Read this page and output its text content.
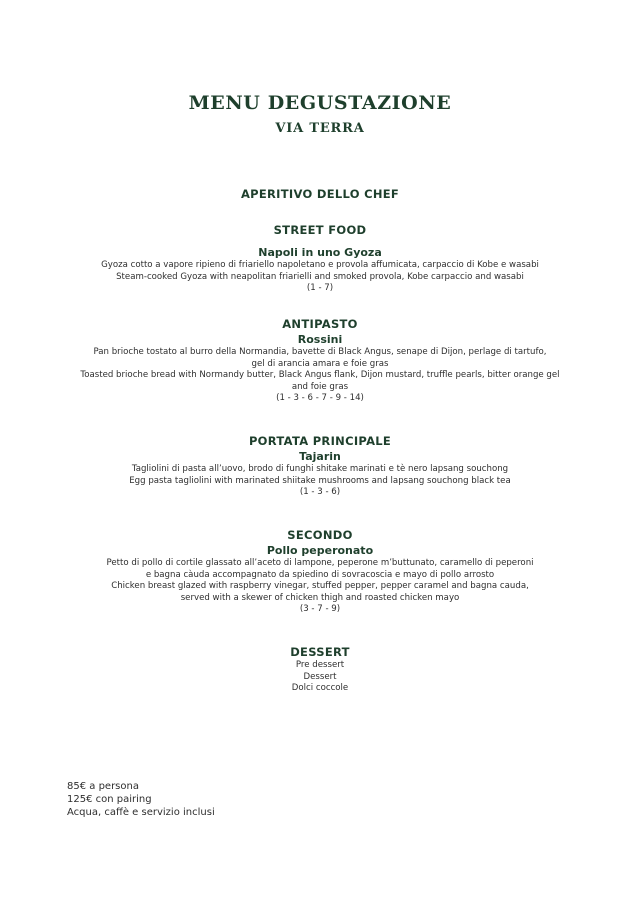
MENU DEGUSTAZIONE
VIA TERRA
APERITIVO DELLO CHEF
STREET FOOD
Napoli in uno Gyoza
Gyoza cotto a vapore ripieno di friariello napoletano e provola affumicata, carpaccio di Kobe e wasabi
Steam-cooked Gyoza with neapolitan friarielli and smoked provola, Kobe carpaccio and wasabi
(1 - 7)
ANTIPASTO
Rossini
Pan brioche tostato al burro della Normandia, bavette di Black Angus, senape di Dijon, perlage di tartufo,
gel di arancia amara e foie gras
Toasted brioche bread with Normandy butter, Black Angus flank, Dijon mustard, truffle pearls, bitter orange gel
and foie gras
(1 - 3 - 6 - 7 - 9 - 14)
PORTATA PRINCIPALE
Tajarin
Tagliolini di pasta all’uovo, brodo di funghi shitake marinati e tè nero lapsang souchong
Egg pasta tagliolini with marinated shiitake mushrooms and lapsang souchong black tea
(1 - 3 - 6)
SECONDO
Pollo peperonato
Petto di pollo di cortile glassato all’aceto di lampone, peperone m’buttunato, caramello di peperoni
e bagna càuda accompagnato da spiedino di sovracoscia e mayo di pollo arrosto
Chicken breast glazed with raspberry vinegar, stuffed pepper, pepper caramel and bagna cauda,
served with a skewer of chicken thigh and roasted chicken mayo
(3 - 7 - 9)
DESSERT
Pre dessert
Dessert
Dolci coccole
85€ a persona
125€ con pairing
Acqua, caffè e servizio inclusi
